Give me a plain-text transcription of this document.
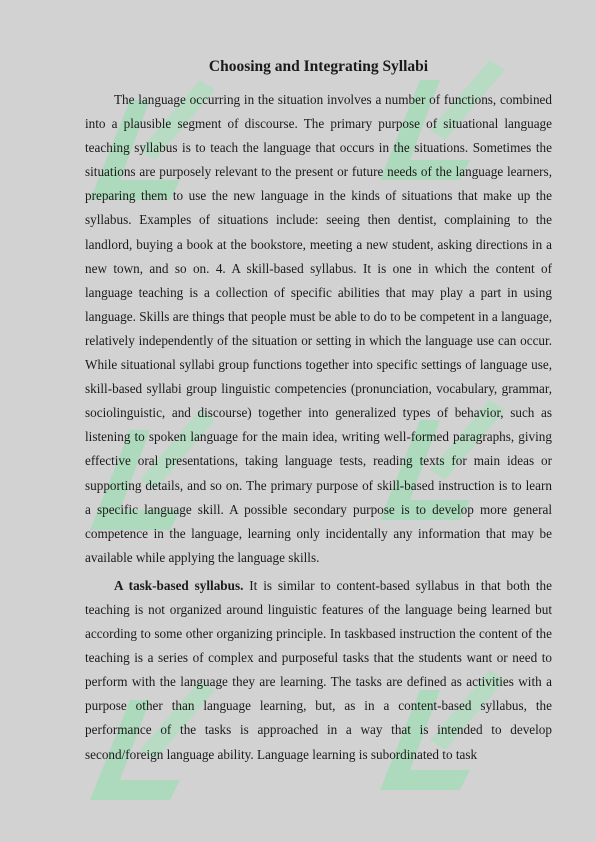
Choosing and Integrating Syllabi

The language occurring in the situation involves a number of functions, combined into a plausible segment of discourse. The primary purpose of situational language teaching syllabus is to teach the language that occurs in the situations. Sometimes the situations are purposely relevant to the present or future needs of the language learners, preparing them to use the new language in the kinds of situations that make up the syllabus. Examples of situations include: seeing then dentist, complaining to the landlord, buying a book at the bookstore, meeting a new student, asking directions in a new town, and so on. 4. A skill-based syllabus. It is one in which the content of language teaching is a collection of specific abilities that may play a part in using language. Skills are things that people must be able to do to be competent in a language, relatively independently of the situation or setting in which the language use can occur. While situational syllabi group functions together into specific settings of language use, skill-based syllabi group linguistic competencies (pronunciation, vocabulary, grammar, sociolinguistic, and discourse) together into generalized types of behavior, such as listening to spoken language for the main idea, writing well-formed paragraphs, giving effective oral presentations, taking language tests, reading texts for main ideas or supporting details, and so on. The primary purpose of skill-based instruction is to learn a specific language skill. A possible secondary purpose is to develop more general competence in the language, learning only incidentally any information that may be available while applying the language skills.

A task-based syllabus. It is similar to content-based syllabus in that both the teaching is not organized around linguistic features of the language being learned but according to some other organizing principle. In taskbased instruction the content of the teaching is a series of complex and purposeful tasks that the students want or need to perform with the language they are learning. The tasks are defined as activities with a purpose other than language learning, but, as in a content-based syllabus, the performance of the tasks is approached in a way that is intended to develop second/foreign language ability. Language learning is subordinated to task
